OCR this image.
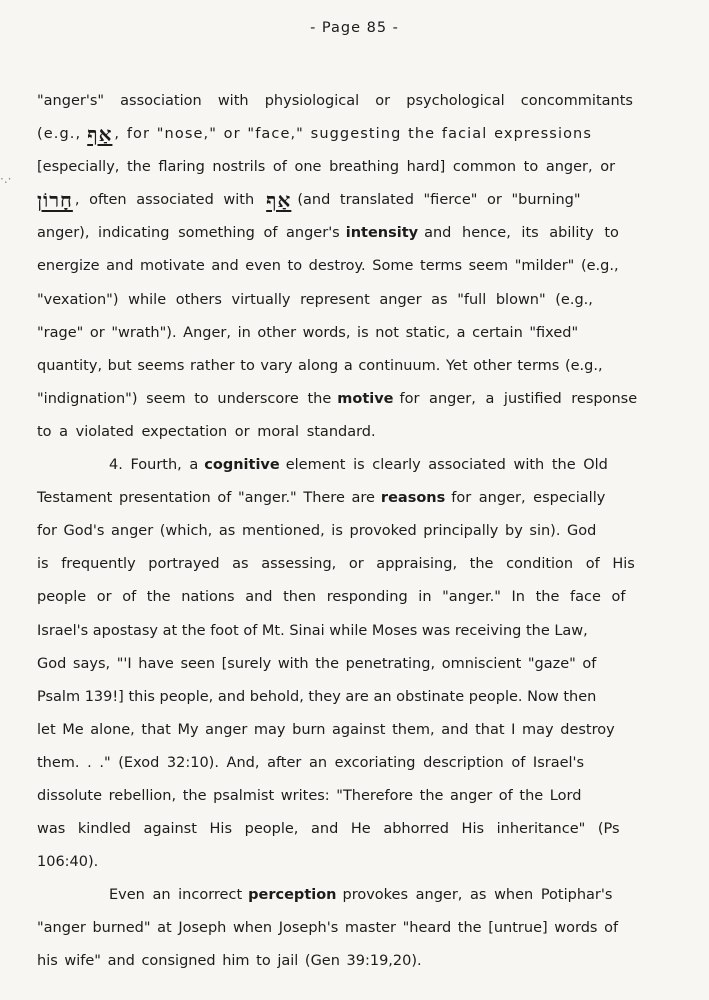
- Page 85 -
·.·
"anger's" association with physiological or psychological concommitants
(e.g., אַף , for "nose," or "face," suggesting the facial expressions
[especially, the flaring nostrils of one breathing hard] common to anger, or
חָרוֹן , often associated with אַף (and translated "fierce" or "burning"
anger), indicating something of anger's intensity and hence, its ability to
energize and motivate and even to destroy. Some terms seem "milder" (e.g.,
"vexation") while others virtually represent anger as "full blown" (e.g.,
"rage" or "wrath"). Anger, in other words, is not static, a certain "fixed"
quantity, but seems rather to vary along a continuum. Yet other terms (e.g.,
"indignation") seem to underscore the motive for anger, a justified response
to a violated expectation or moral standard.
4. Fourth, a cognitive element is clearly associated with the Old
Testament presentation of "anger." There are reasons for anger, especially
for God's anger (which, as mentioned, is provoked principally by sin). God
is frequently portrayed as assessing, or appraising, the condition of His
people or of the nations and then responding in "anger." In the face of
Israel's apostasy at the foot of Mt. Sinai while Moses was receiving the Law,
God says, "'I have seen [surely with the penetrating, omniscient "gaze" of
Psalm 139!] this people, and behold, they are an obstinate people. Now then
let Me alone, that My anger may burn against them, and that I may destroy
them. . ." (Exod 32:10). And, after an excoriating description of Israel's
dissolute rebellion, the psalmist writes: "Therefore the anger of the Lord
was kindled against His people, and He abhorred His inheritance" (Ps
106:40).
Even an incorrect perception provokes anger, as when Potiphar's
"anger burned" at Joseph when Joseph's master "heard the [untrue] words of
his wife" and consigned him to jail (Gen 39:19,20).
